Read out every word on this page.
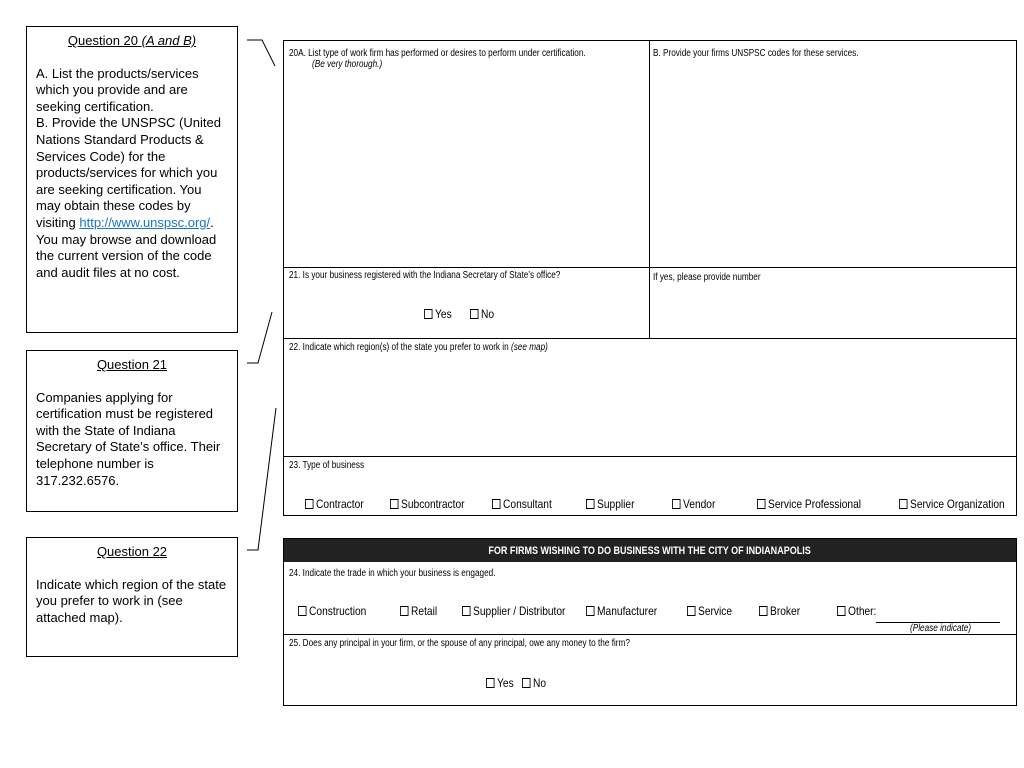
Question 20 (A and B)
A. List the products/services which you provide and are seeking certification.
B. Provide the UNSPSC (United Nations Standard Products & Services Code) for the products/services for which you are seeking certification. You may obtain these codes by visiting http://www.unspsc.org/. You may browse and download the current version of the code and audit files at no cost.
Question 21
Companies applying for certification must be registered with the State of Indiana Secretary of State’s office. Their telephone number is 317.232.6576.
Question 22
Indicate which region of the state you prefer to work in (see attached map).
20A. List type of work firm has performed or desires to perform under certification.
(Be very thorough.)
B. Provide your firms UNSPSC codes for these services.
21. Is your business registered with the Indiana Secretary of State’s office?
Yes No
If yes, please provide number
22. Indicate which region(s) of the state you prefer to work in (see map)
23. Type of business
Contractor	Subcontractor	Consultant	Supplier	Vendor	Service Professional	Service Organization
FOR FIRMS WISHING TO DO BUSINESS WITH THE CITY OF INDIANAPOLIS
24. Indicate the trade in which your business is engaged.
Construction	Retail	Supplier / Distributor	Manufacturer	Service	Broker	Other:
(Please indicate)
25. Does any principal in your firm, or the spouse of any principal, owe any money to the firm?
Yes No
